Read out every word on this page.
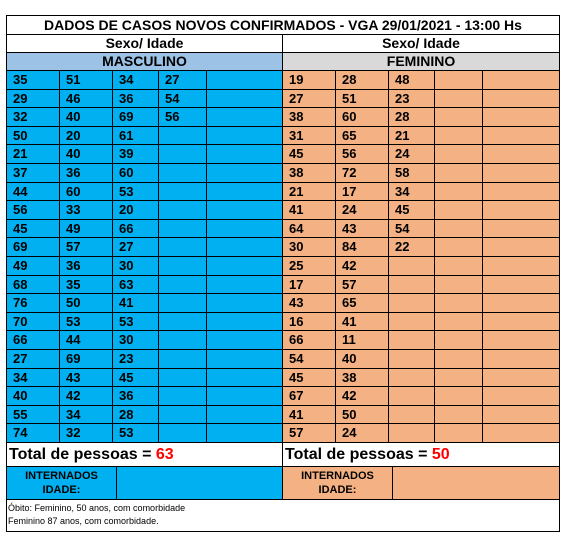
DADOS DE CASOS NOVOS CONFIRMADOS - VGA 29/01/2021 - 13:00 Hs
Sexo/ Idade
MASCULINO
35	51	34	27
29	46	36	54
32	40	69	56
50	20	61
21	40	39
37	36	60
44	60	53
56	33	20
45	49	66
69	57	27
49	36	30
68	35	63
76	50	41
70	53	53
66	44	30
27	69	23
34	43	45
40	42	36
55	34	28
74	32	53
Total de pessoas = 63
INTERNADOS
IDADE:
Sexo/ Idade
FEMININO
19	28	48
27	51	23
38	60	28
31	65	21
45	56	24
38	72	58
21	17	34
41	24	45
64	43	54
30	84	22
25	42
17	57
43	65
16	41
66	11
54	40
45	38
67	42
41	50
57	24
Total de pessoas = 50
INTERNADOS
IDADE:
Óbito: Feminino, 50 anos, com comorbidade
Feminino 87 anos, com comorbidade.
